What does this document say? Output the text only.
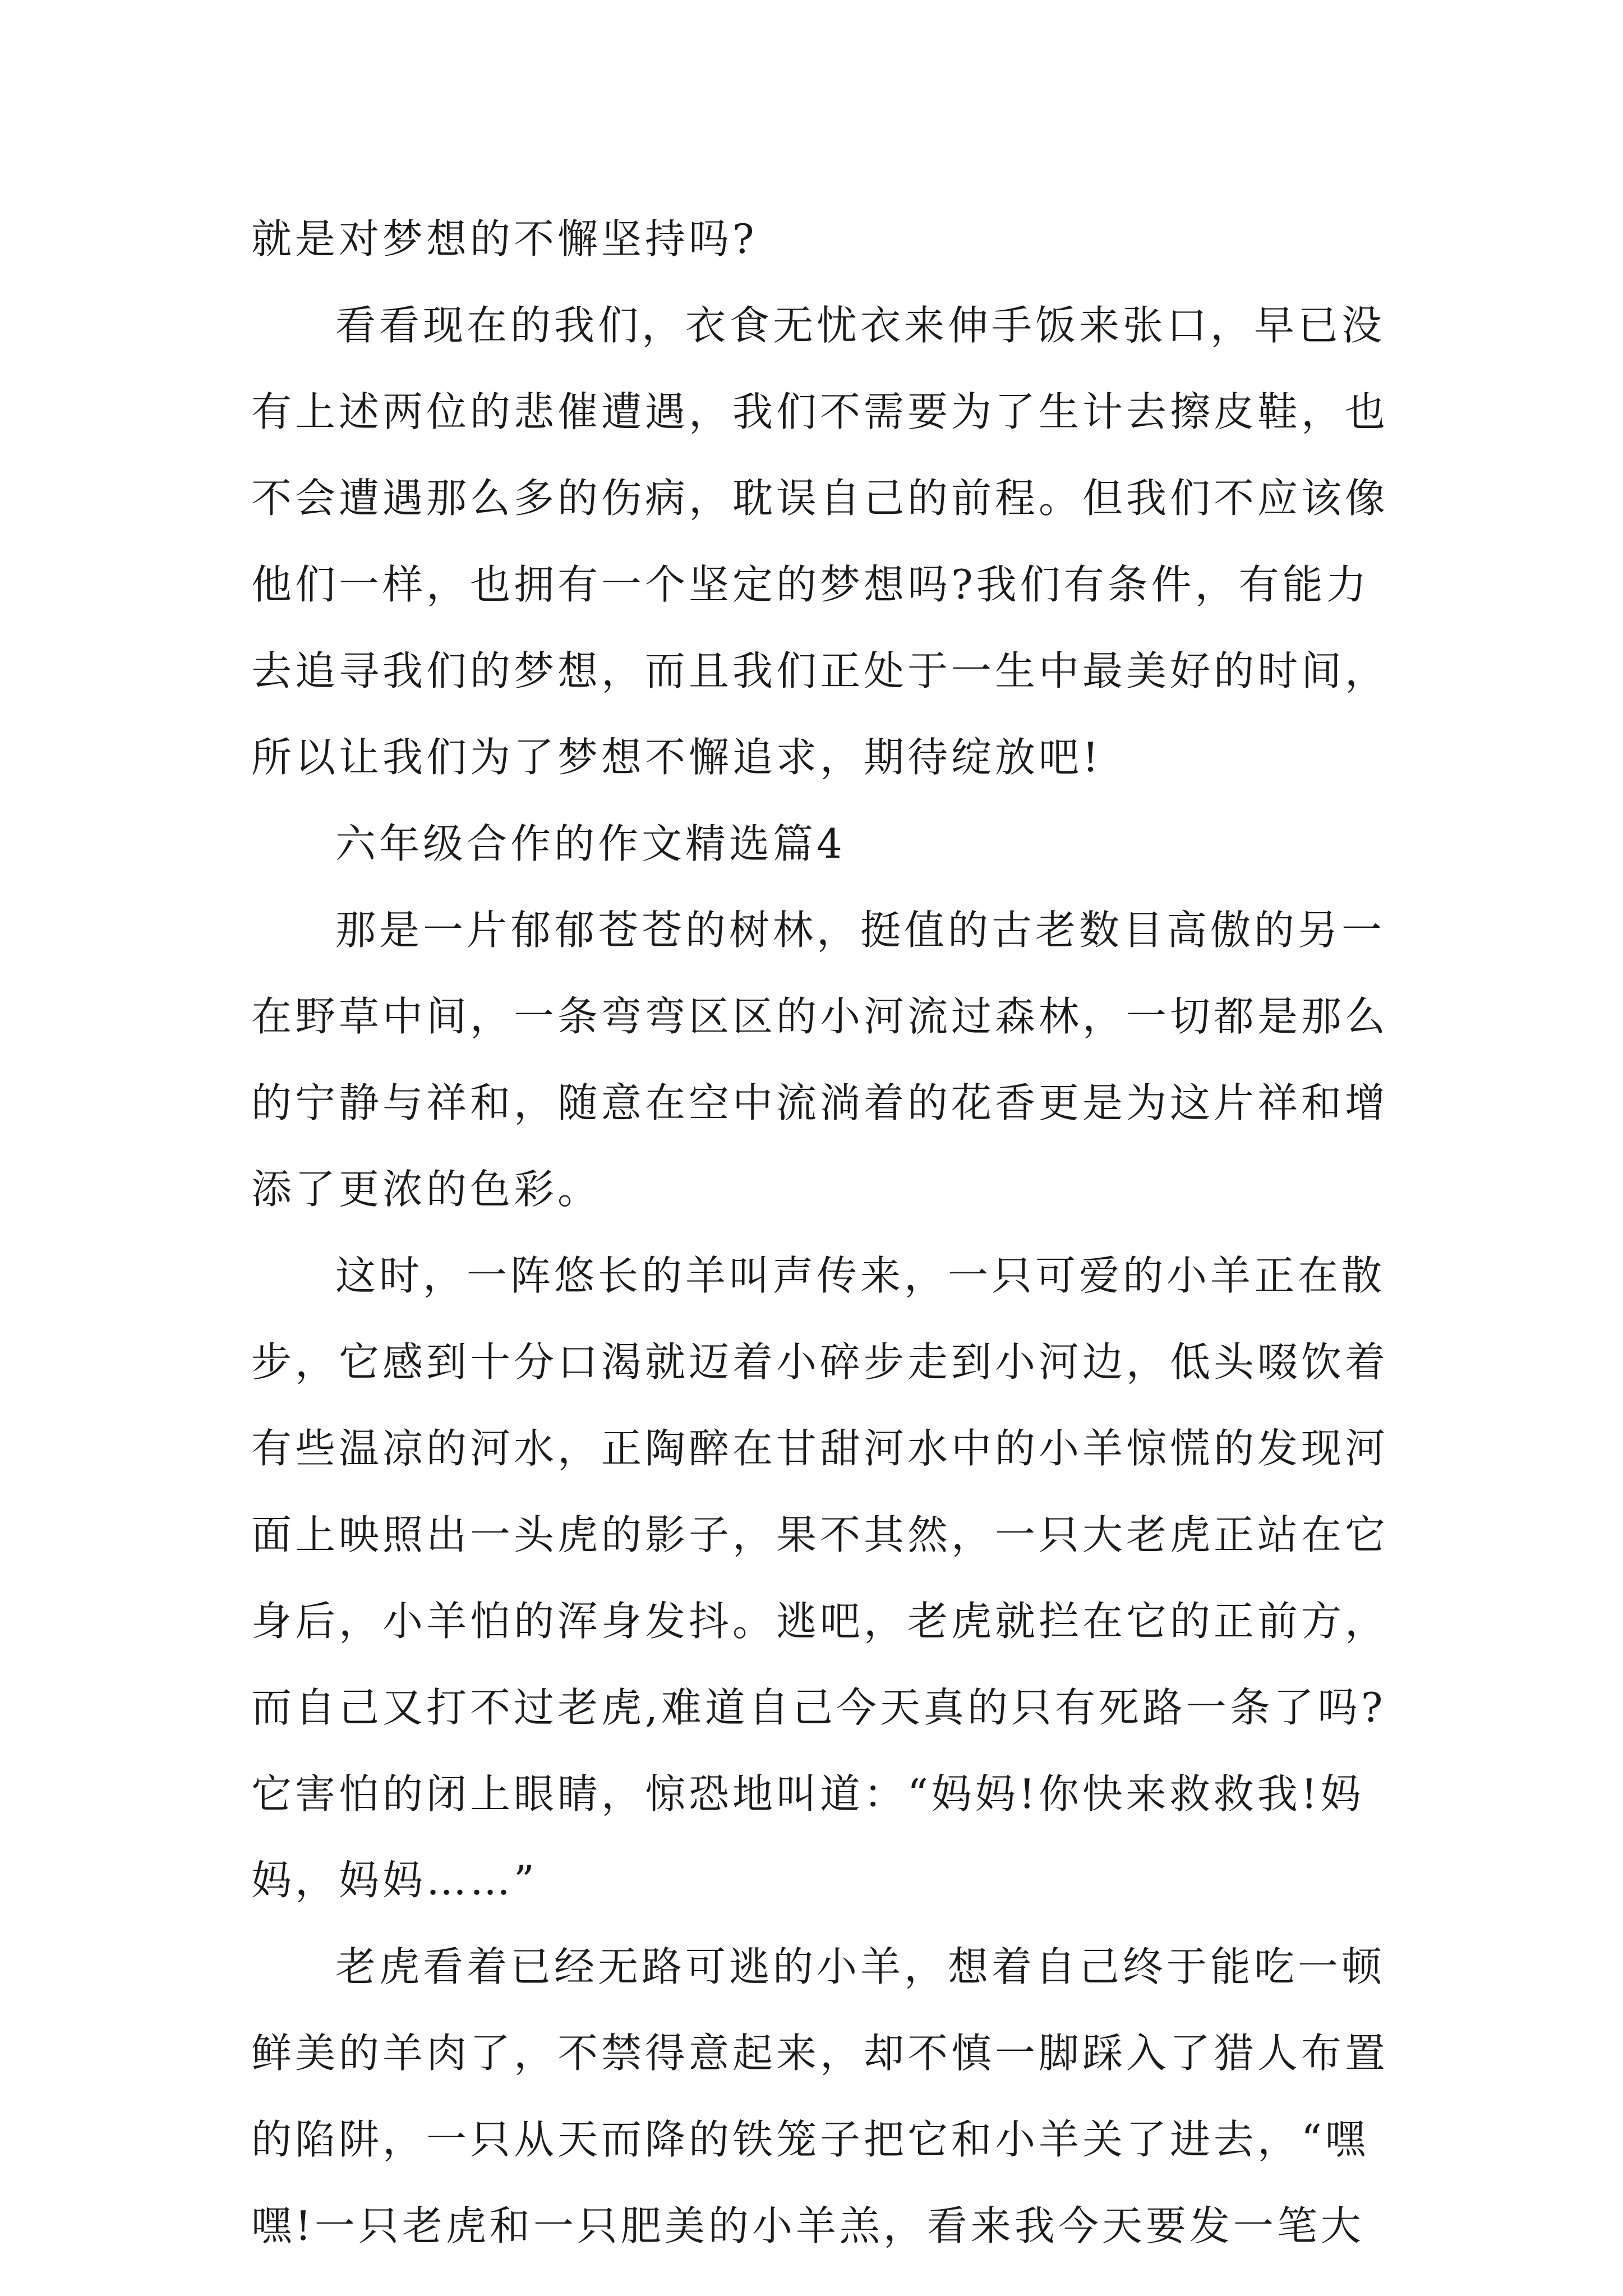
就是对梦想的不懈坚持吗?

看看现在的我们，衣食无忧衣来伸手饭来张口，早已没

有上述两位的悲催遭遇，我们不需要为了生计去擦皮鞋，也

不会遭遇那么多的伤病，耽误自己的前程。但我们不应该像

他们一样，也拥有一个坚定的梦想吗?我们有条件，有能力

去追寻我们的梦想，而且我们正处于一生中最美好的时间，

所以让我们为了梦想不懈追求，期待绽放吧!

六年级合作的作文精选篇4

那是一片郁郁苍苍的树林，挺值的古老数目高傲的另一

在野草中间，一条弯弯区区的小河流过森林，一切都是那么

的宁静与祥和，随意在空中流淌着的花香更是为这片祥和增

添了更浓的色彩。

这时，一阵悠长的羊叫声传来，一只可爱的小羊正在散

步，它感到十分口渴就迈着小碎步走到小河边，低头啜饮着

有些温凉的河水，正陶醉在甘甜河水中的小羊惊慌的发现河

面上映照出一头虎的影子，果不其然，一只大老虎正站在它

身后，小羊怕的浑身发抖。逃吧，老虎就拦在它的正前方，

而自己又打不过老虎,难道自己今天真的只有死路一条了吗?

它害怕的闭上眼睛，惊恐地叫道：“妈妈!你快来救救我!妈

妈，妈妈……”

老虎看着已经无路可逃的小羊，想着自己终于能吃一顿

鲜美的羊肉了，不禁得意起来，却不慎一脚踩入了猎人布置

的陷阱，一只从天而降的铁笼子把它和小羊关了进去，“嘿

嘿!一只老虎和一只肥美的小羊羔，看来我今天要发一笔大
